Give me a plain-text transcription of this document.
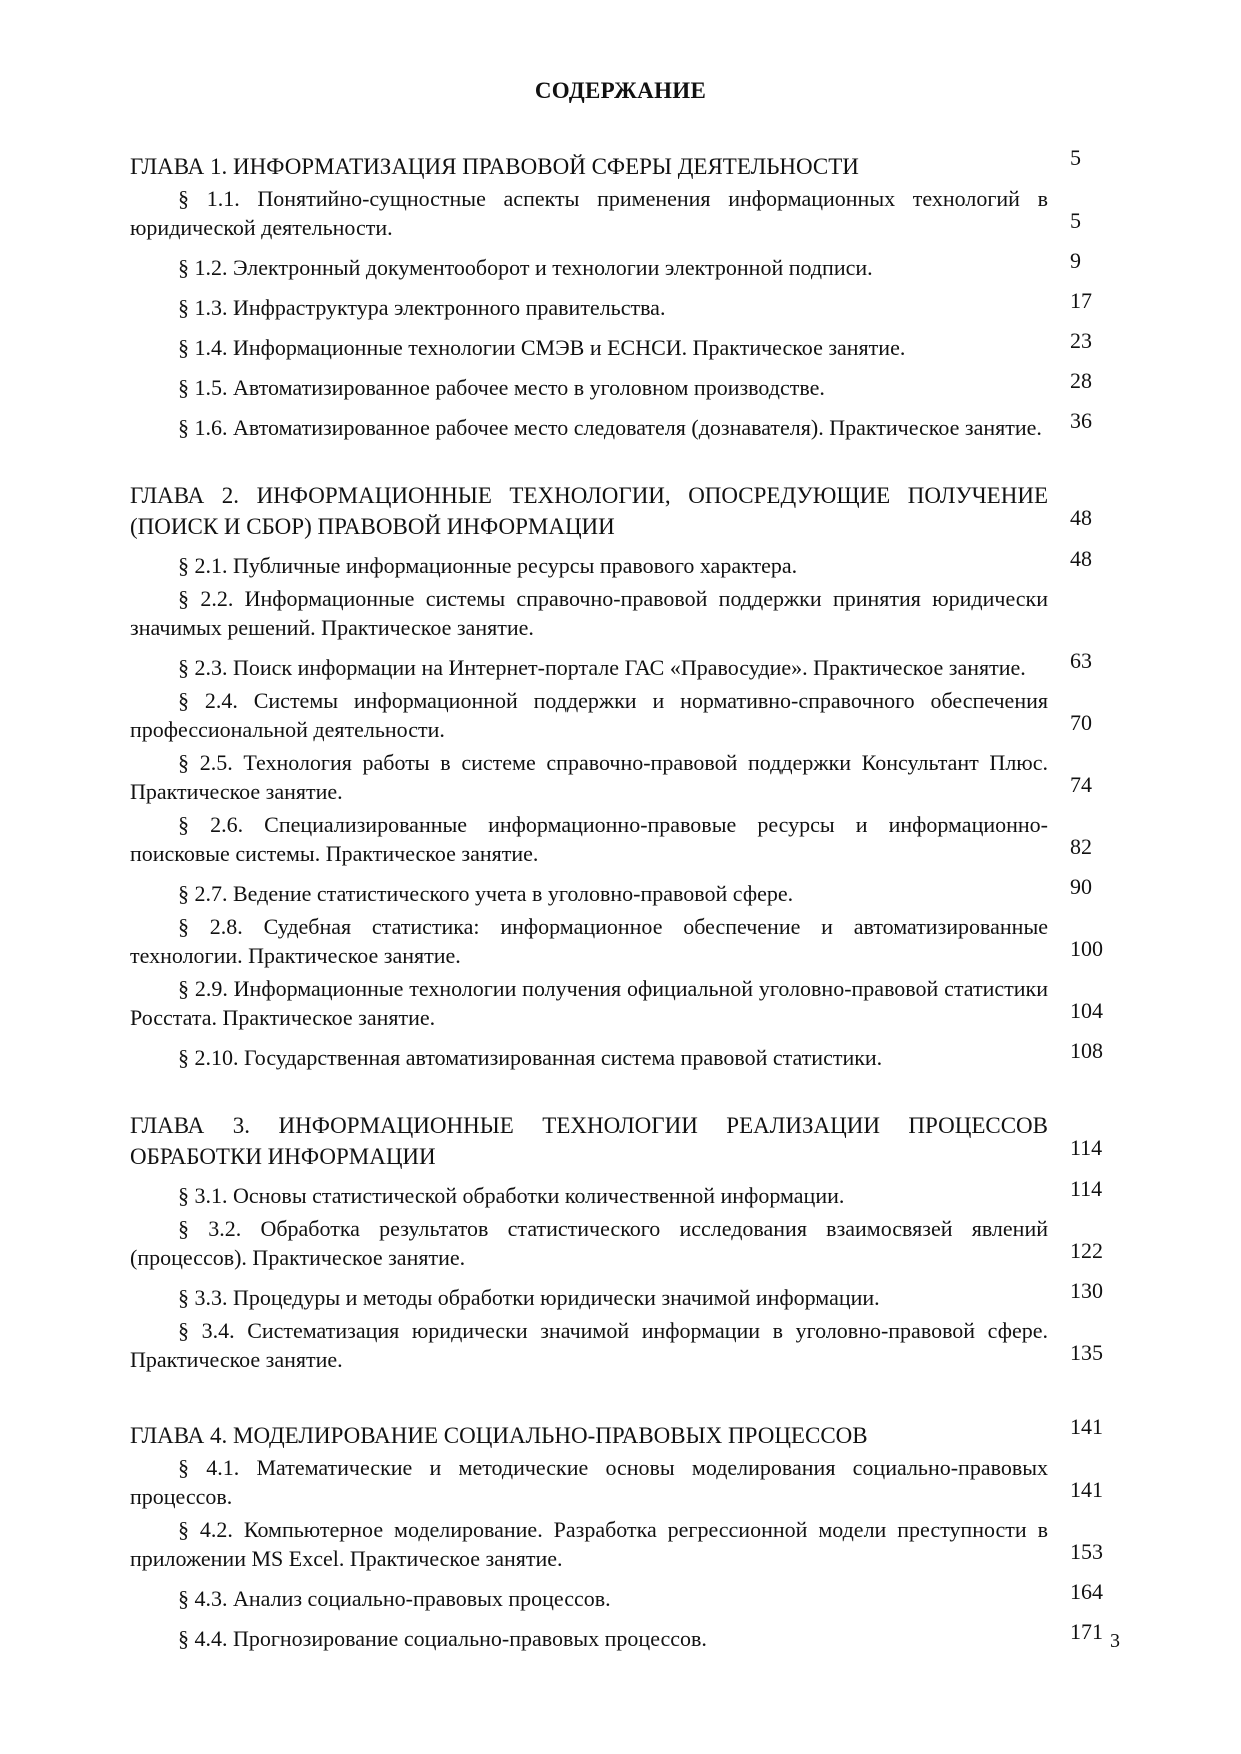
СОДЕРЖАНИЕ
ГЛАВА 1. ИНФОРМАТИЗАЦИЯ ПРАВОВОЙ СФЕРЫ ДЕЯТЕЛЬНОСТИ	5
§ 1.1. Понятийно-сущностные аспекты применения информационных технологий в юридической деятельности.	5
§ 1.2. Электронный документооборот и технологии электронной подписи.	9
§ 1.3. Инфраструктура электронного правительства.	17
§ 1.4. Информационные технологии СМЭВ и ЕСНСИ. Практическое занятие.	23
§ 1.5. Автоматизированное рабочее место в уголовном производстве.	28
§ 1.6. Автоматизированное рабочее место следователя (дознавателя). Практическое занятие.	36
ГЛАВА 2. ИНФОРМАЦИОННЫЕ ТЕХНОЛОГИИ, ОПОСРЕДУЮЩИЕ ПОЛУЧЕНИЕ (ПОИСК И СБОР) ПРАВОВОЙ ИНФОРМАЦИИ	48
§ 2.1. Публичные информационные ресурсы правового характера.	48
§ 2.2. Информационные системы справочно-правовой поддержки принятия юридически значимых решений. Практическое занятие.
§ 2.3. Поиск информации на Интернет-портале ГАС «Правосудие». Практическое занятие.	63
§ 2.4. Системы информационной поддержки и нормативно-справочного обеспечения профессиональной деятельности.	70
§ 2.5. Технология работы в системе справочно-правовой поддержки Консультант Плюс. Практическое занятие.	74
§ 2.6. Специализированные информационно-правовые ресурсы и информационно-поисковые системы. Практическое занятие.	82
§ 2.7. Ведение статистического учета в уголовно-правовой сфере.	90
§ 2.8. Судебная статистика: информационное обеспечение и автоматизированные технологии. Практическое занятие.	100
§ 2.9. Информационные технологии получения официальной уголовно-правовой статистики Росстата. Практическое занятие.	104
§ 2.10. Государственная автоматизированная система правовой статистики.	108
ГЛАВА 3. ИНФОРМАЦИОННЫЕ ТЕХНОЛОГИИ РЕАЛИЗАЦИИ ПРОЦЕССОВ ОБРАБОТКИ ИНФОРМАЦИИ	114
§ 3.1. Основы статистической обработки количественной информации.	114
§ 3.2. Обработка результатов статистического исследования взаимосвязей явлений (процессов). Практическое занятие.	122
§ 3.3. Процедуры и методы обработки юридически значимой информации.	130
§ 3.4. Систематизация юридически значимой информации в уголовно-правовой сфере. Практическое занятие.	135
ГЛАВА 4. МОДЕЛИРОВАНИЕ СОЦИАЛЬНО-ПРАВОВЫХ ПРОЦЕССОВ	141
§ 4.1. Математические и методические основы моделирования социально-правовых процессов.	141
§ 4.2. Компьютерное моделирование. Разработка регрессионной модели преступности в приложении MS Excel. Практическое занятие.	153
§ 4.3. Анализ социально-правовых процессов.	164
§ 4.4. Прогнозирование социально-правовых процессов.	171 3
